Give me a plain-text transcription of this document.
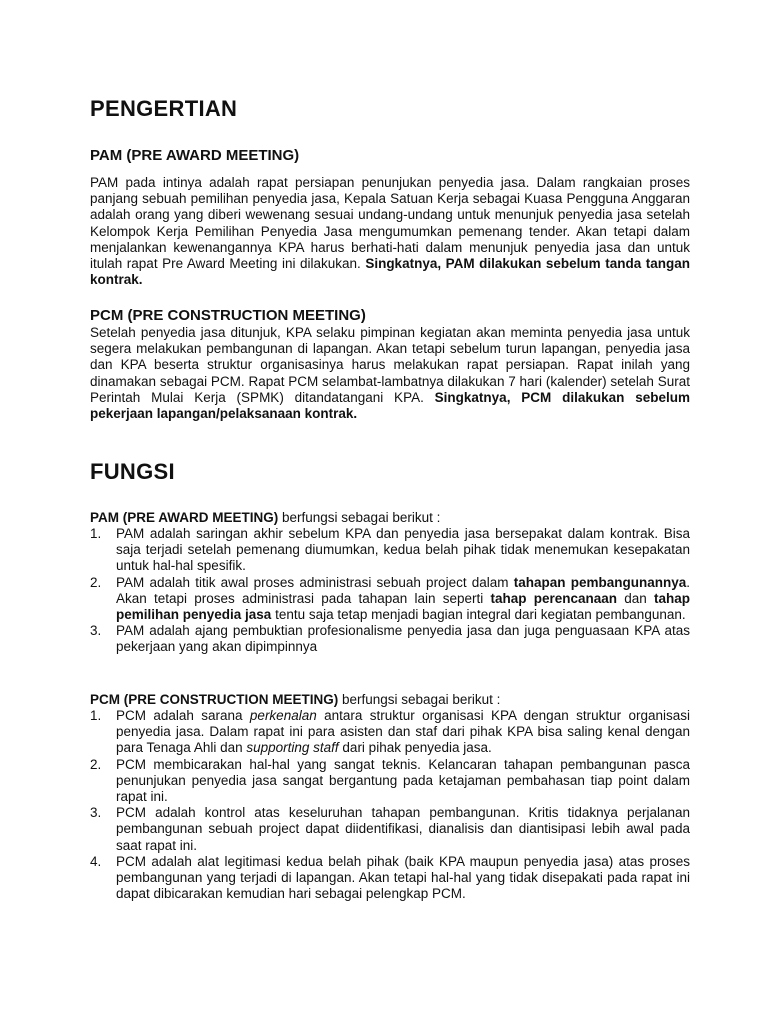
PENGERTIAN
PAM (PRE AWARD MEETING)

PAM pada intinya adalah rapat persiapan penunjukan penyedia jasa. Dalam rangkaian proses panjang sebuah pemilihan penyedia jasa, Kepala Satuan Kerja sebagai Kuasa Pengguna Anggaran adalah orang yang diberi wewenang sesuai undang-undang untuk menunjuk penyedia jasa setelah Kelompok Kerja Pemilihan Penyedia Jasa mengumumkan pemenang tender. Akan tetapi dalam menjalankan kewenangannya KPA harus berhati-hati dalam menunjuk penyedia jasa dan untuk itulah rapat Pre Award Meeting ini dilakukan. Singkatnya, PAM dilakukan sebelum tanda tangan kontrak.

PCM (PRE CONSTRUCTION MEETING)

Setelah penyedia jasa ditunjuk, KPA selaku pimpinan kegiatan akan meminta penyedia jasa untuk segera melakukan pembangunan di lapangan. Akan tetapi sebelum turun lapangan, penyedia jasa dan KPA beserta struktur organisasinya harus melakukan rapat persiapan. Rapat inilah yang dinamakan sebagai PCM. Rapat PCM selambat-lambatnya dilakukan 7 hari (kalender) setelah Surat Perintah Mulai Kerja (SPMK) ditandatangani KPA. Singkatnya, PCM dilakukan sebelum pekerjaan lapangan/pelaksanaan kontrak.

FUNGSI

PAM (PRE AWARD MEETING) berfungsi sebagai berikut :

1. PAM adalah saringan akhir sebelum KPA dan penyedia jasa bersepakat dalam kontrak. Bisa saja terjadi setelah pemenang diumumkan, kedua belah pihak tidak menemukan kesepakatan untuk hal-hal spesifik.
2. PAM adalah titik awal proses administrasi sebuah project dalam tahapan pembangunannya. Akan tetapi proses administrasi pada tahapan lain seperti tahap perencanaan dan tahap pemilihan penyedia jasa tentu saja tetap menjadi bagian integral dari kegiatan pembangunan.
3. PAM adalah ajang pembuktian profesionalisme penyedia jasa dan juga penguasaan KPA atas pekerjaan yang akan dipimpinnya

PCM (PRE CONSTRUCTION MEETING) berfungsi sebagai berikut :

1. PCM adalah sarana perkenalan antara struktur organisasi KPA dengan struktur organisasi penyedia jasa. Dalam rapat ini para asisten dan staf dari pihak KPA bisa saling kenal dengan para Tenaga Ahli dan supporting staff dari pihak penyedia jasa.
2. PCM membicarakan hal-hal yang sangat teknis. Kelancaran tahapan pembangunan pasca penunjukan penyedia jasa sangat bergantung pada ketajaman pembahasan tiap point dalam rapat ini.
3. PCM adalah kontrol atas keseluruhan tahapan pembangunan. Kritis tidaknya perjalanan pembangunan sebuah project dapat diidentifikasi, dianalisis dan diantisipasi lebih awal pada saat rapat ini.
4. PCM adalah alat legitimasi kedua belah pihak (baik KPA maupun penyedia jasa) atas proses pembangunan yang terjadi di lapangan. Akan tetapi hal-hal yang tidak disepakati pada rapat ini dapat dibicarakan kemudian hari sebagai pelengkap PCM.
